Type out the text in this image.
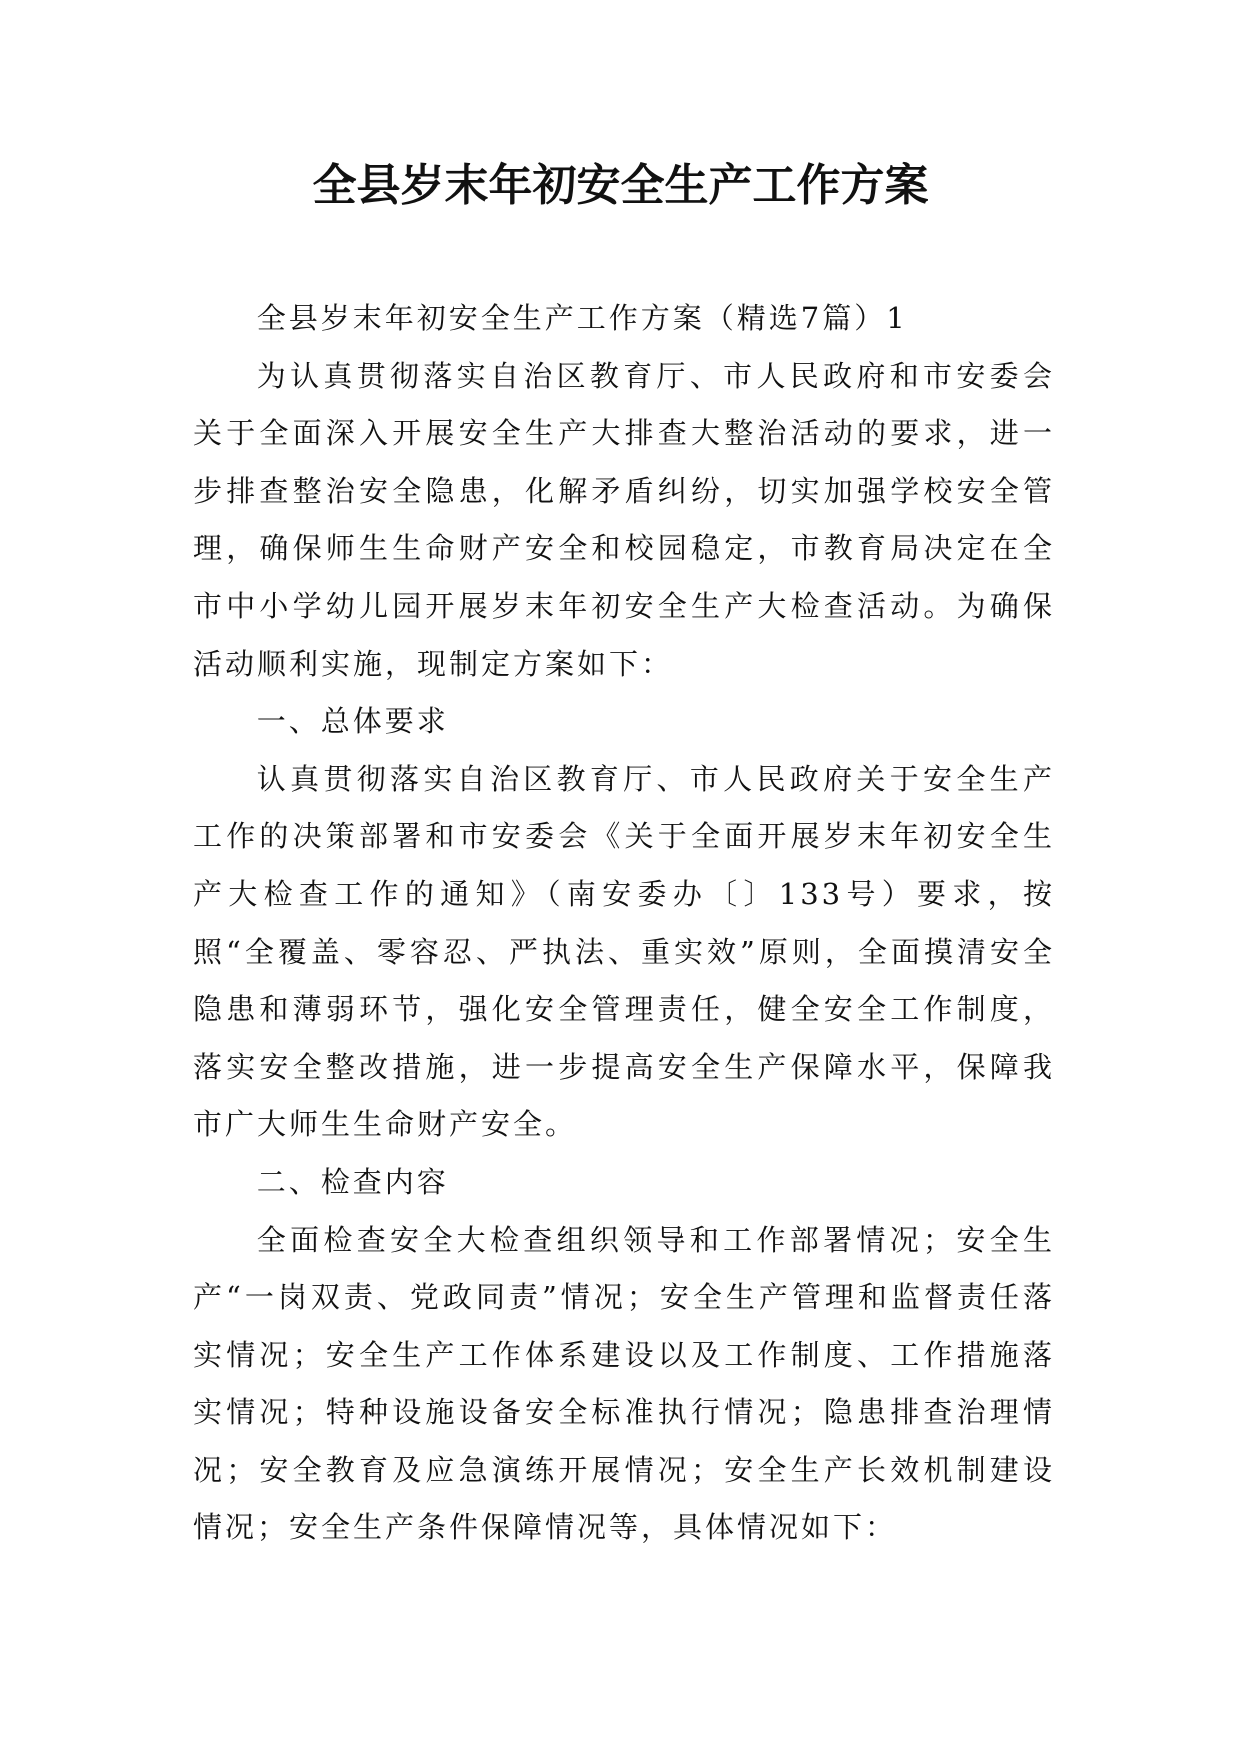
全县岁末年初安全生产工作方案

全县岁末年初安全生产工作方案（精选7篇）1

为认真贯彻落实自治区教育厅、市人民政府和市安委会关于全面深入开展安全生产大排查大整治活动的要求，进一步排查整治安全隐患，化解矛盾纠纷，切实加强学校安全管理，确保师生生命财产安全和校园稳定，市教育局决定在全市中小学幼儿园开展岁末年初安全生产大检查活动。为确保活动顺利实施，现制定方案如下：

一、总体要求

认真贯彻落实自治区教育厅、市人民政府关于安全生产工作的决策部署和市安委会《关于全面开展岁末年初安全生产大检查工作的通知》（南安委办〔〕133号）要求，按照“全覆盖、零容忍、严执法、重实效”原则，全面摸清安全隐患和薄弱环节，强化安全管理责任，健全安全工作制度，落实安全整改措施，进一步提高安全生产保障水平，保障我市广大师生生命财产安全。

二、检查内容

全面检查安全大检查组织领导和工作部署情况；安全生产“一岗双责、党政同责”情况；安全生产管理和监督责任落实情况；安全生产工作体系建设以及工作制度、工作措施落实情况；特种设施设备安全标准执行情况；隐患排查治理情况；安全教育及应急演练开展情况；安全生产长效机制建设情况；安全生产条件保障情况等，具体情况如下：
